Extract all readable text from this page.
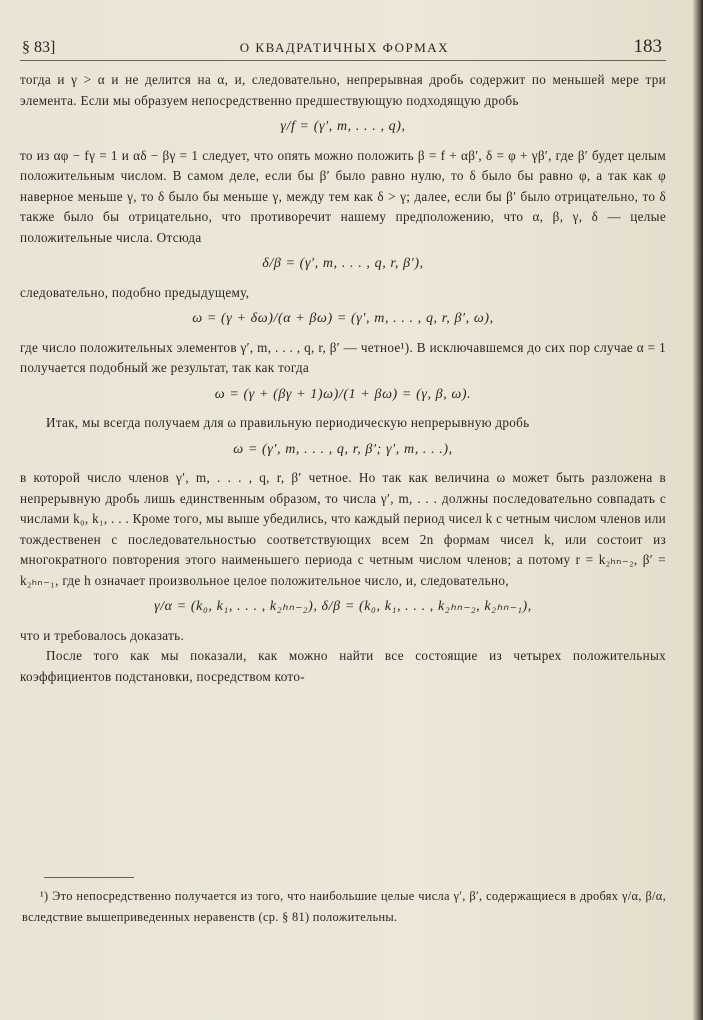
§ 83]	О КВАДРАТИЧНЫХ ФОРМАХ	183

тогда и γ > α и не делится на α, и, следовательно, непрерывная дробь содержит по меньшей мере три элемента. Если мы образуем непосредственно предшествующую подходящую дробь

γ/f = (γ′, m, . . . , q),

то из αφ − fγ = 1 и αδ − βγ = 1 следует, что опять можно положить β = f + αβ′, δ = φ + γβ′, где β′ будет целым положительным числом. В самом деле, если бы β′ было равно нулю, то δ было бы равно φ, а так как φ наверное меньше γ, то δ было бы меньше γ, между тем как δ > γ; далее, если бы β′ было отрицательно, то δ также было бы отрицательно, что противоречит нашему предположению, что α, β, γ, δ — целые положительные числа. Отсюда

δ/β = (γ′, m, . . . , q, r, β′),

следовательно, подобно предыдущему,

ω = (γ + δω)/(α + βω) = (γ′, m, . . . , q, r, β′, ω),

где число положительных элементов γ′, m, . . . , q, r, β′ — четное¹). В исключавшемся до сих пор случае α = 1 получается подобный же результат, так как тогда

ω = (γ + (βγ + 1)ω)/(1 + βω) = (γ, β, ω).

Итак, мы всегда получаем для ω правильную периодическую непрерывную дробь

ω = (γ′, m, . . . , q, r, β′; γ′, m, . . .),

в которой число членов γ′, m, . . . , q, r, β′ четное. Но так как величина ω может быть разложена в непрерывную дробь лишь единственным образом, то числа γ′, m, . . . должны последовательно совпадать с числами k₀, k₁, . . . Кроме того, мы выше убедились, что каждый период чисел k с четным числом членов или тождественен с последовательностью соответствующих всем 2n формам чисел k, или состоит из многократного повторения этого наименьшего периода с четным числом членов; а потому r = k₂ₕₙ₋₂, β′ = k₂ₕₙ₋₁, где h означает произвольное целое положительное число, и, следовательно,

γ/α = (k₀, k₁, . . . , k₂ₕₙ₋₂), δ/β = (k₀, k₁, . . . , k₂ₕₙ₋₂, k₂ₕₙ₋₁),

что и требовалось доказать.

После того как мы показали, как можно найти все состоящие из четырех положительных коэффициентов подстановки, посредством кото-

¹) Это непосредственно получается из того, что наибольшие целые числа γ′, β′, содержащиеся в дробях γ/α, β/α, вследствие вышеприведенных неравенств (ср. § 81) положительны.
